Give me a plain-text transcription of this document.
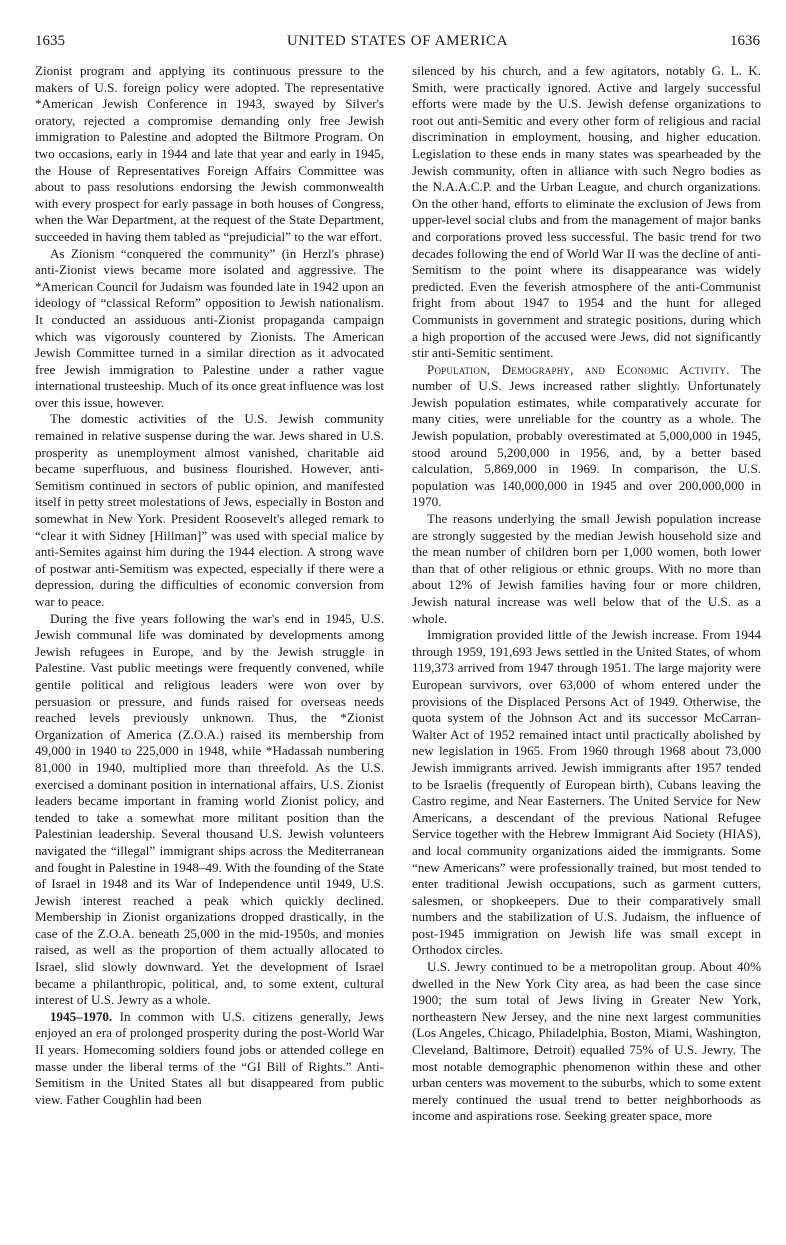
1635	UNITED STATES OF AMERICA	1636

Zionist program and applying its continuous pressure to the makers of U.S. foreign policy were adopted. The representative *American Jewish Conference in 1943, swayed by Silver's oratory, rejected a compromise demanding only free Jewish immigration to Palestine and adopted the Biltmore Program. On two occasions, early in 1944 and late that year and early in 1945, the House of Representatives Foreign Affairs Committee was about to pass resolutions endorsing the Jewish commonwealth with every prospect for early passage in both houses of Congress, when the War Department, at the request of the State Department, succeeded in having them tabled as “prejudicial” to the war effort.

As Zionism “conquered the community” (in Herzl's phrase) anti-Zionist views became more isolated and aggressive. The *American Council for Judaism was founded late in 1942 upon an ideology of “classical Reform” opposition to Jewish nationalism. It conducted an assiduous anti-Zionist propaganda campaign which was vigorously countered by Zionists. The American Jewish Committee turned in a similar direction as it advocated free Jewish immigration to Palestine under a rather vague international trusteeship. Much of its once great influence was lost over this issue, however.

The domestic activities of the U.S. Jewish community remained in relative suspense during the war. Jews shared in U.S. prosperity as unemployment almost vanished, charitable aid became superfluous, and business flourished. However, anti-Semitism continued in sectors of public opinion, and manifested itself in petty street molestations of Jews, especially in Boston and somewhat in New York. President Roosevelt's alleged remark to “clear it with Sidney [Hillman]” was used with special malice by anti-Semites against him during the 1944 election. A strong wave of postwar anti-Semitism was expected, especially if there were a depression, during the difficulties of economic conversion from war to peace.

During the five years following the war's end in 1945, U.S. Jewish communal life was dominated by developments among Jewish refugees in Europe, and by the Jewish struggle in Palestine. Vast public meetings were frequently convened, while gentile political and religious leaders were won over by persuasion or pressure, and funds raised for overseas needs reached levels previously unknown. Thus, the *Zionist Organization of America (Z.O.A.) raised its membership from 49,000 in 1940 to 225,000 in 1948, while *Hadassah numbering 81,000 in 1940, multiplied more than threefold. As the U.S. exercised a dominant position in international affairs, U.S. Zionist leaders became important in framing world Zionist policy, and tended to take a somewhat more militant position than the Palestinian leadership. Several thousand U.S. Jewish volunteers navigated the “illegal” immigrant ships across the Mediterranean and fought in Palestine in 1948–49. With the founding of the State of Israel in 1948 and its War of Independence until 1949, U.S. Jewish interest reached a peak which quickly declined. Membership in Zionist organizations dropped drastically, in the case of the Z.O.A. beneath 25,000 in the mid-1950s, and monies raised, as well as the proportion of them actually allocated to Israel, slid slowly downward. Yet the development of Israel became a philanthropic, political, and, to some extent, cultural interest of U.S. Jewry as a whole.

1945–1970. In common with U.S. citizens generally, Jews enjoyed an era of prolonged prosperity during the post-World War II years. Homecoming soldiers found jobs or attended college en masse under the liberal terms of the “GI Bill of Rights.” Anti-Semitism in the United States all but disappeared from public view. Father Coughlin had been

silenced by his church, and a few agitators, notably G. L. K. Smith, were practically ignored. Active and largely successful efforts were made by the U.S. Jewish defense organizations to root out anti-Semitic and every other form of religious and racial discrimination in employment, housing, and higher education. Legislation to these ends in many states was spearheaded by the Jewish community, often in alliance with such Negro bodies as the N.A.A.C.P. and the Urban League, and church organizations. On the other hand, efforts to eliminate the exclusion of Jews from upper-level social clubs and from the management of major banks and corporations proved less successful. The basic trend for two decades following the end of World War II was the decline of anti-Semitism to the point where its disappearance was widely predicted. Even the feverish atmosphere of the anti-Communist fright from about 1947 to 1954 and the hunt for alleged Communists in government and strategic positions, during which a high proportion of the accused were Jews, did not significantly stir anti-Semitic sentiment.

Population, Demography, and Economic Activity. The number of U.S. Jews increased rather slightly. Unfortunately Jewish population estimates, while comparatively accurate for many cities, were unreliable for the country as a whole. The Jewish population, probably overestimated at 5,000,000 in 1945, stood around 5,200,000 in 1956, and, by a better based calculation, 5,869,000 in 1969. In comparison, the U.S. population was 140,000,000 in 1945 and over 200,000,000 in 1970.

The reasons underlying the small Jewish population increase are strongly suggested by the median Jewish household size and the mean number of children born per 1,000 women, both lower than that of other religious or ethnic groups. With no more than about 12% of Jewish families having four or more children, Jewish natural increase was well below that of the U.S. as a whole.

Immigration provided little of the Jewish increase. From 1944 through 1959, 191,693 Jews settled in the United States, of whom 119,373 arrived from 1947 through 1951. The large majority were European survivors, over 63,000 of whom entered under the provisions of the Displaced Persons Act of 1949. Otherwise, the quota system of the Johnson Act and its successor McCarran-Walter Act of 1952 remained intact until practically abolished by new legislation in 1965. From 1960 through 1968 about 73,000 Jewish immigrants arrived. Jewish immigrants after 1957 tended to be Israelis (frequently of European birth), Cubans leaving the Castro regime, and Near Easterners. The United Service for New Americans, a descendant of the previous National Refugee Service together with the Hebrew Immigrant Aid Society (HIAS), and local community organizations aided the immigrants. Some “new Americans” were professionally trained, but most tended to enter traditional Jewish occupations, such as garment cutters, salesmen, or shopkeepers. Due to their comparatively small numbers and the stabilization of U.S. Judaism, the influence of post-1945 immigration on Jewish life was small except in Orthodox circles.

U.S. Jewry continued to be a metropolitan group. About 40% dwelled in the New York City area, as had been the case since 1900; the sum total of Jews living in Greater New York, northeastern New Jersey, and the nine next largest communities (Los Angeles, Chicago, Philadelphia, Boston, Miami, Washington, Cleveland, Baltimore, Detroit) equalled 75% of U.S. Jewry. The most notable demographic phenomenon within these and other urban centers was movement to the suburbs, which to some extent merely continued the usual trend to better neighborhoods as income and aspirations rose. Seeking greater space, more
